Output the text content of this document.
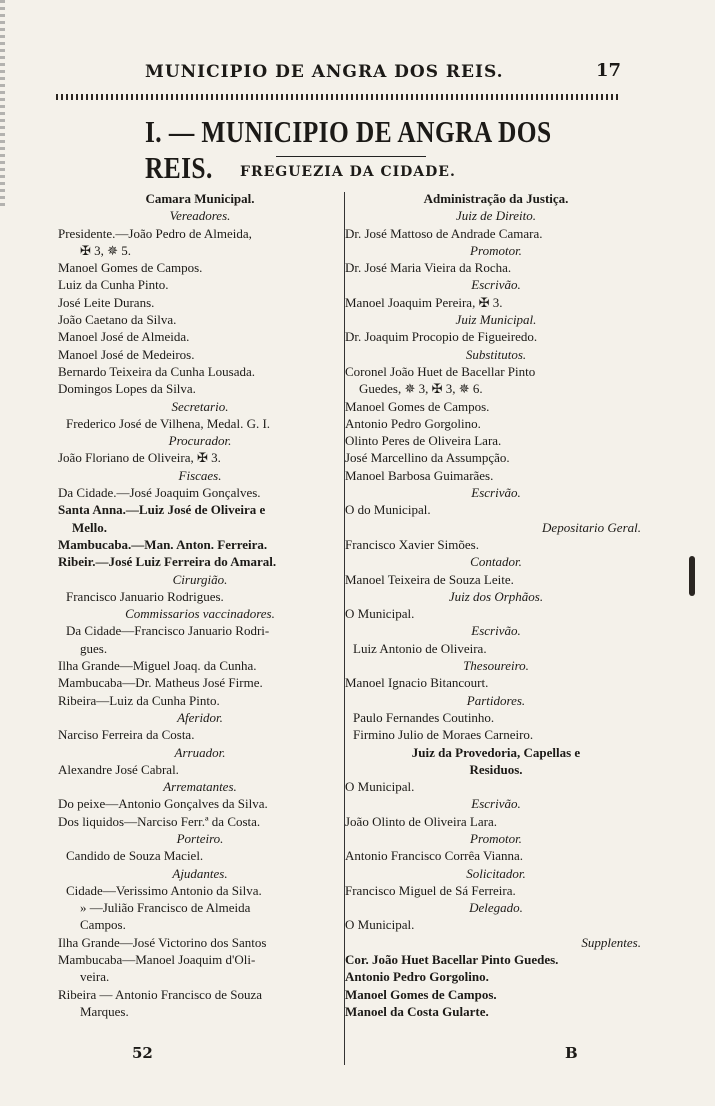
MUNICIPIO DE ANGRA DOS REIS.	17
I. — MUNICIPIO DE ANGRA DOS REIS.	FREGUEZIA DA CIDADE.
Camara Municipal.
Vereadores.
Presidente.—João Pedro de Almeida,
✠ 3, ✵ 5.
Manoel Gomes de Campos.
Luiz da Cunha Pinto.
José Leite Durans.
João Caetano da Silva.
Manoel José de Almeida.
Manoel José de Medeiros.
Bernardo Teixeira da Cunha Lousada.
Domingos Lopes da Silva.
Secretario.
Frederico José de Vilhena, Medal. G. I.
Procurador.
João Floriano de Oliveira, ✠ 3.
Fiscaes.
Da Cidade.—José Joaquim Gonçalves.
Santa Anna.—Luiz José de Oliveira e
Mello.
Mambucaba.—Man. Anton. Ferreira.
Ribeir.—José Luiz Ferreira do Amaral.
Cirurgião.
Francisco Januario Rodrigues.
Commissarios vaccinadores.
Da Cidade—Francisco Januario Rodri-
gues.
Ilha Grande—Miguel Joaq. da Cunha.
Mambucaba—Dr. Matheus José Firme.
Ribeira—Luiz da Cunha Pinto.
Aferidor.
Narciso Ferreira da Costa.
Arruador.
Alexandre José Cabral.
Arrematantes.
Do peixe—Antonio Gonçalves da Silva.
Dos liquidos—Narciso Ferr.ª da Costa.
Porteiro.
Candido de Souza Maciel.
Ajudantes.
Cidade—Verissimo Antonio da Silva.
» —Julião Francisco de Almeida
Campos.
Ilha Grande—José Victorino dos Santos
Mambucaba—Manoel Joaquim d'Oli-
veira.
Ribeira — Antonio Francisco de Souza
Marques.
Administração da Justiça.
Juiz de Direito.
Dr. José Mattoso de Andrade Camara.
Promotor.
Dr. José Maria Vieira da Rocha.
Escrivão.
Manoel Joaquim Pereira, ✠ 3.
Juiz Municipal.
Dr. Joaquim Procopio de Figueiredo.
Substitutos.
Coronel João Huet de Bacellar Pinto
Guedes, ✵ 3, ✠ 3, ✵ 6.
Manoel Gomes de Campos.
Antonio Pedro Gorgolino.
Olinto Peres de Oliveira Lara.
José Marcellino da Assumpção.
Manoel Barbosa Guimarães.
Escrivão.
O do Municipal.
Depositario Geral.
Francisco Xavier Simões.
Contador.
Manoel Teixeira de Souza Leite.
Juiz dos Orphãos.
O Municipal.
Escrivão.
Luiz Antonio de Oliveira.
Thesoureiro.
Manoel Ignacio Bitancourt.
Partidores.
Paulo Fernandes Coutinho.
Firmino Julio de Moraes Carneiro.
Juiz da Provedoria, Capellas e
Residuos.
O Municipal.
Escrivão.
João Olinto de Oliveira Lara.
Promotor.
Antonio Francisco Corrêa Vianna.
Solicitador.
Francisco Miguel de Sá Ferreira.
Delegado.
O Municipal.
Supplentes.
Cor. João Huet Bacellar Pinto Guedes.
Antonio Pedro Gorgolino.
Manoel Gomes de Campos.
Manoel da Costa Gularte.
52	B
